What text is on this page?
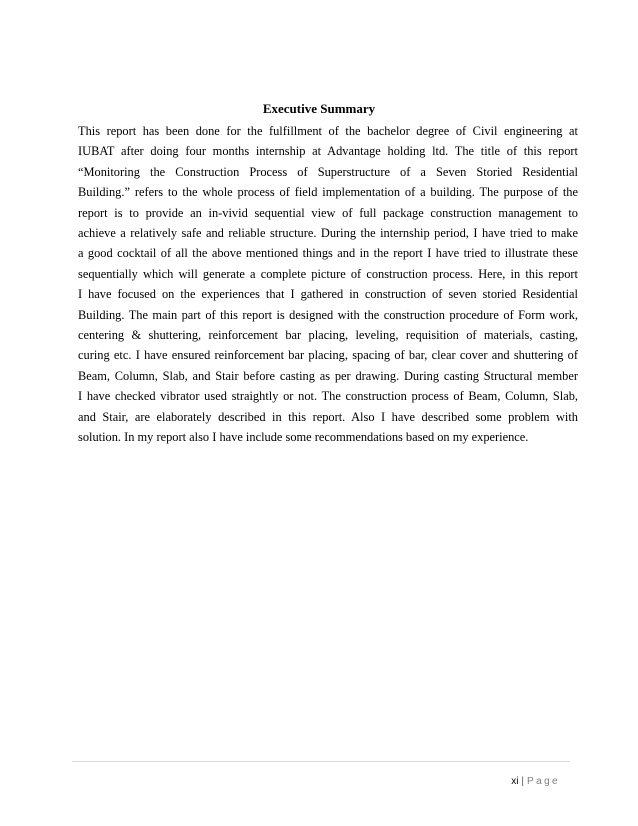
Executive Summary
This report has been done for the fulfillment of the bachelor degree of Civil engineering at
IUBAT after doing four months internship at Advantage holding ltd. The title of this report
“Monitoring the Construction Process of Superstructure of a Seven Storied Residential
Building.” refers to the whole process of field implementation of a building. The purpose of the
report is to provide an in-vivid sequential view of full package construction management to
achieve a relatively safe and reliable structure. During the internship period, I have tried to make
a good cocktail of all the above mentioned things and in the report I have tried to illustrate these
sequentially which will generate a complete picture of construction process. Here, in this report
I have focused on the experiences that I gathered in construction of seven storied Residential
Building. The main part of this report is designed with the construction procedure of Form work,
centering & shuttering, reinforcement bar placing, leveling, requisition of materials, casting,
curing etc. I have ensured reinforcement bar placing, spacing of bar, clear cover and shuttering of
Beam, Column, Slab, and Stair before casting as per drawing. During casting Structural member
I have checked vibrator used straightly or not. The construction process of Beam, Column, Slab,
and Stair, are elaborately described in this report. Also I have described some problem with
solution. In my report also I have include some recommendations based on my experience.
xi | Page
